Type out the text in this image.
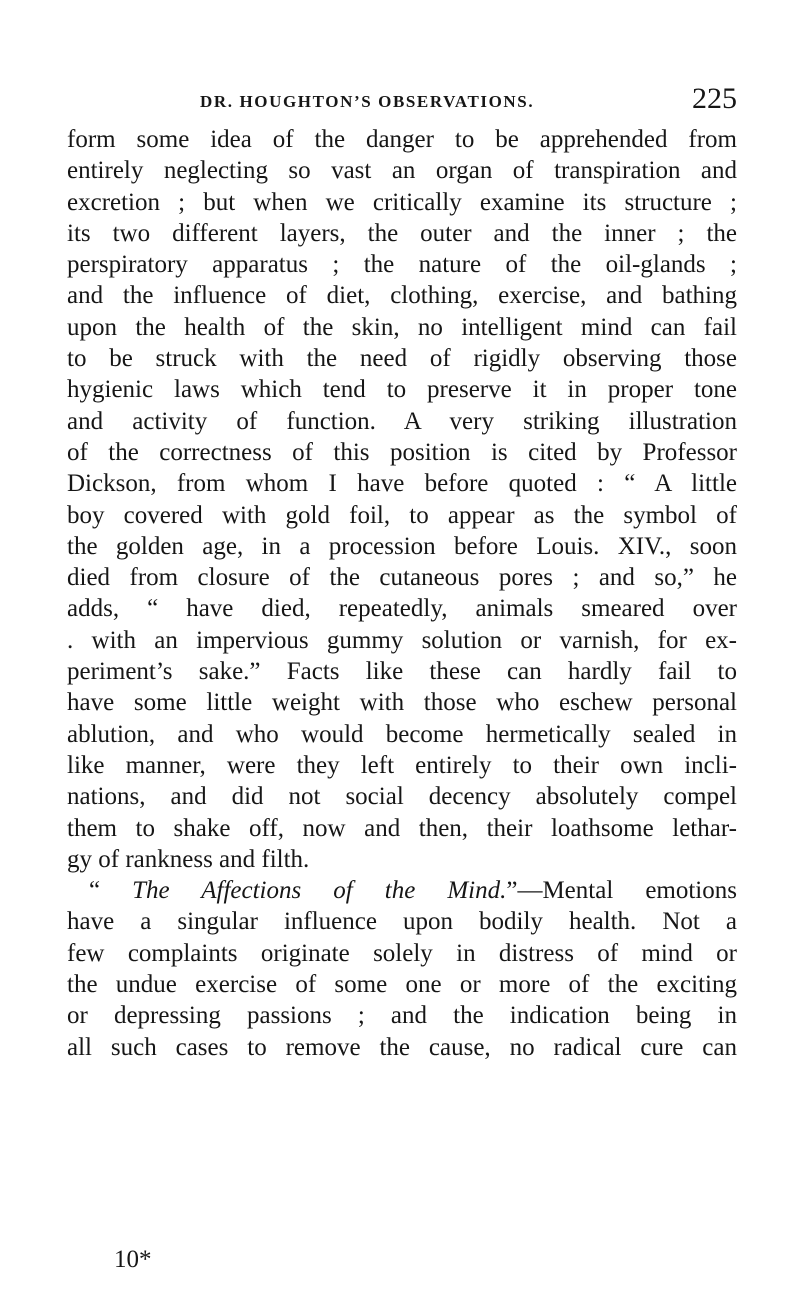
DR. HOUGHTON’S OBSERVATIONS.	225
form some idea of the danger to be apprehended from
entirely neglecting so vast an organ of transpiration and
excretion ; but when we critically examine its structure ;
its two different layers, the outer and the inner ; the
perspiratory apparatus ; the nature of the oil-glands ;
and the influence of diet, clothing, exercise, and bathing
upon the health of the skin, no intelligent mind can fail
to be struck with the need of rigidly observing those
hygienic laws which tend to preserve it in proper tone
and activity of function. A very striking illustration
of the correctness of this position is cited by Professor
Dickson, from whom I have before quoted : “ A little
boy covered with gold foil, to appear as the symbol of
the golden age, in a procession before Louis. XIV., soon
died from closure of the cutaneous pores ; and so,” he
adds, “ have died, repeatedly, animals smeared over
. with an impervious gummy solution or varnish, for ex-
periment’s sake.” Facts like these can hardly fail to
have some little weight with those who eschew personal
ablution, and who would become hermetically sealed in
like manner, were they left entirely to their own incli-
nations, and did not social decency absolutely compel
them to shake off, now and then, their loathsome lethar-
gy of rankness and filth.
“ The Affections of the Mind.”—Mental emotions
have a singular influence upon bodily health. Not a
few complaints originate solely in distress of mind or
the undue exercise of some one or more of the exciting
or depressing passions ; and the indication being in
all such cases to remove the cause, no radical cure can
10*
